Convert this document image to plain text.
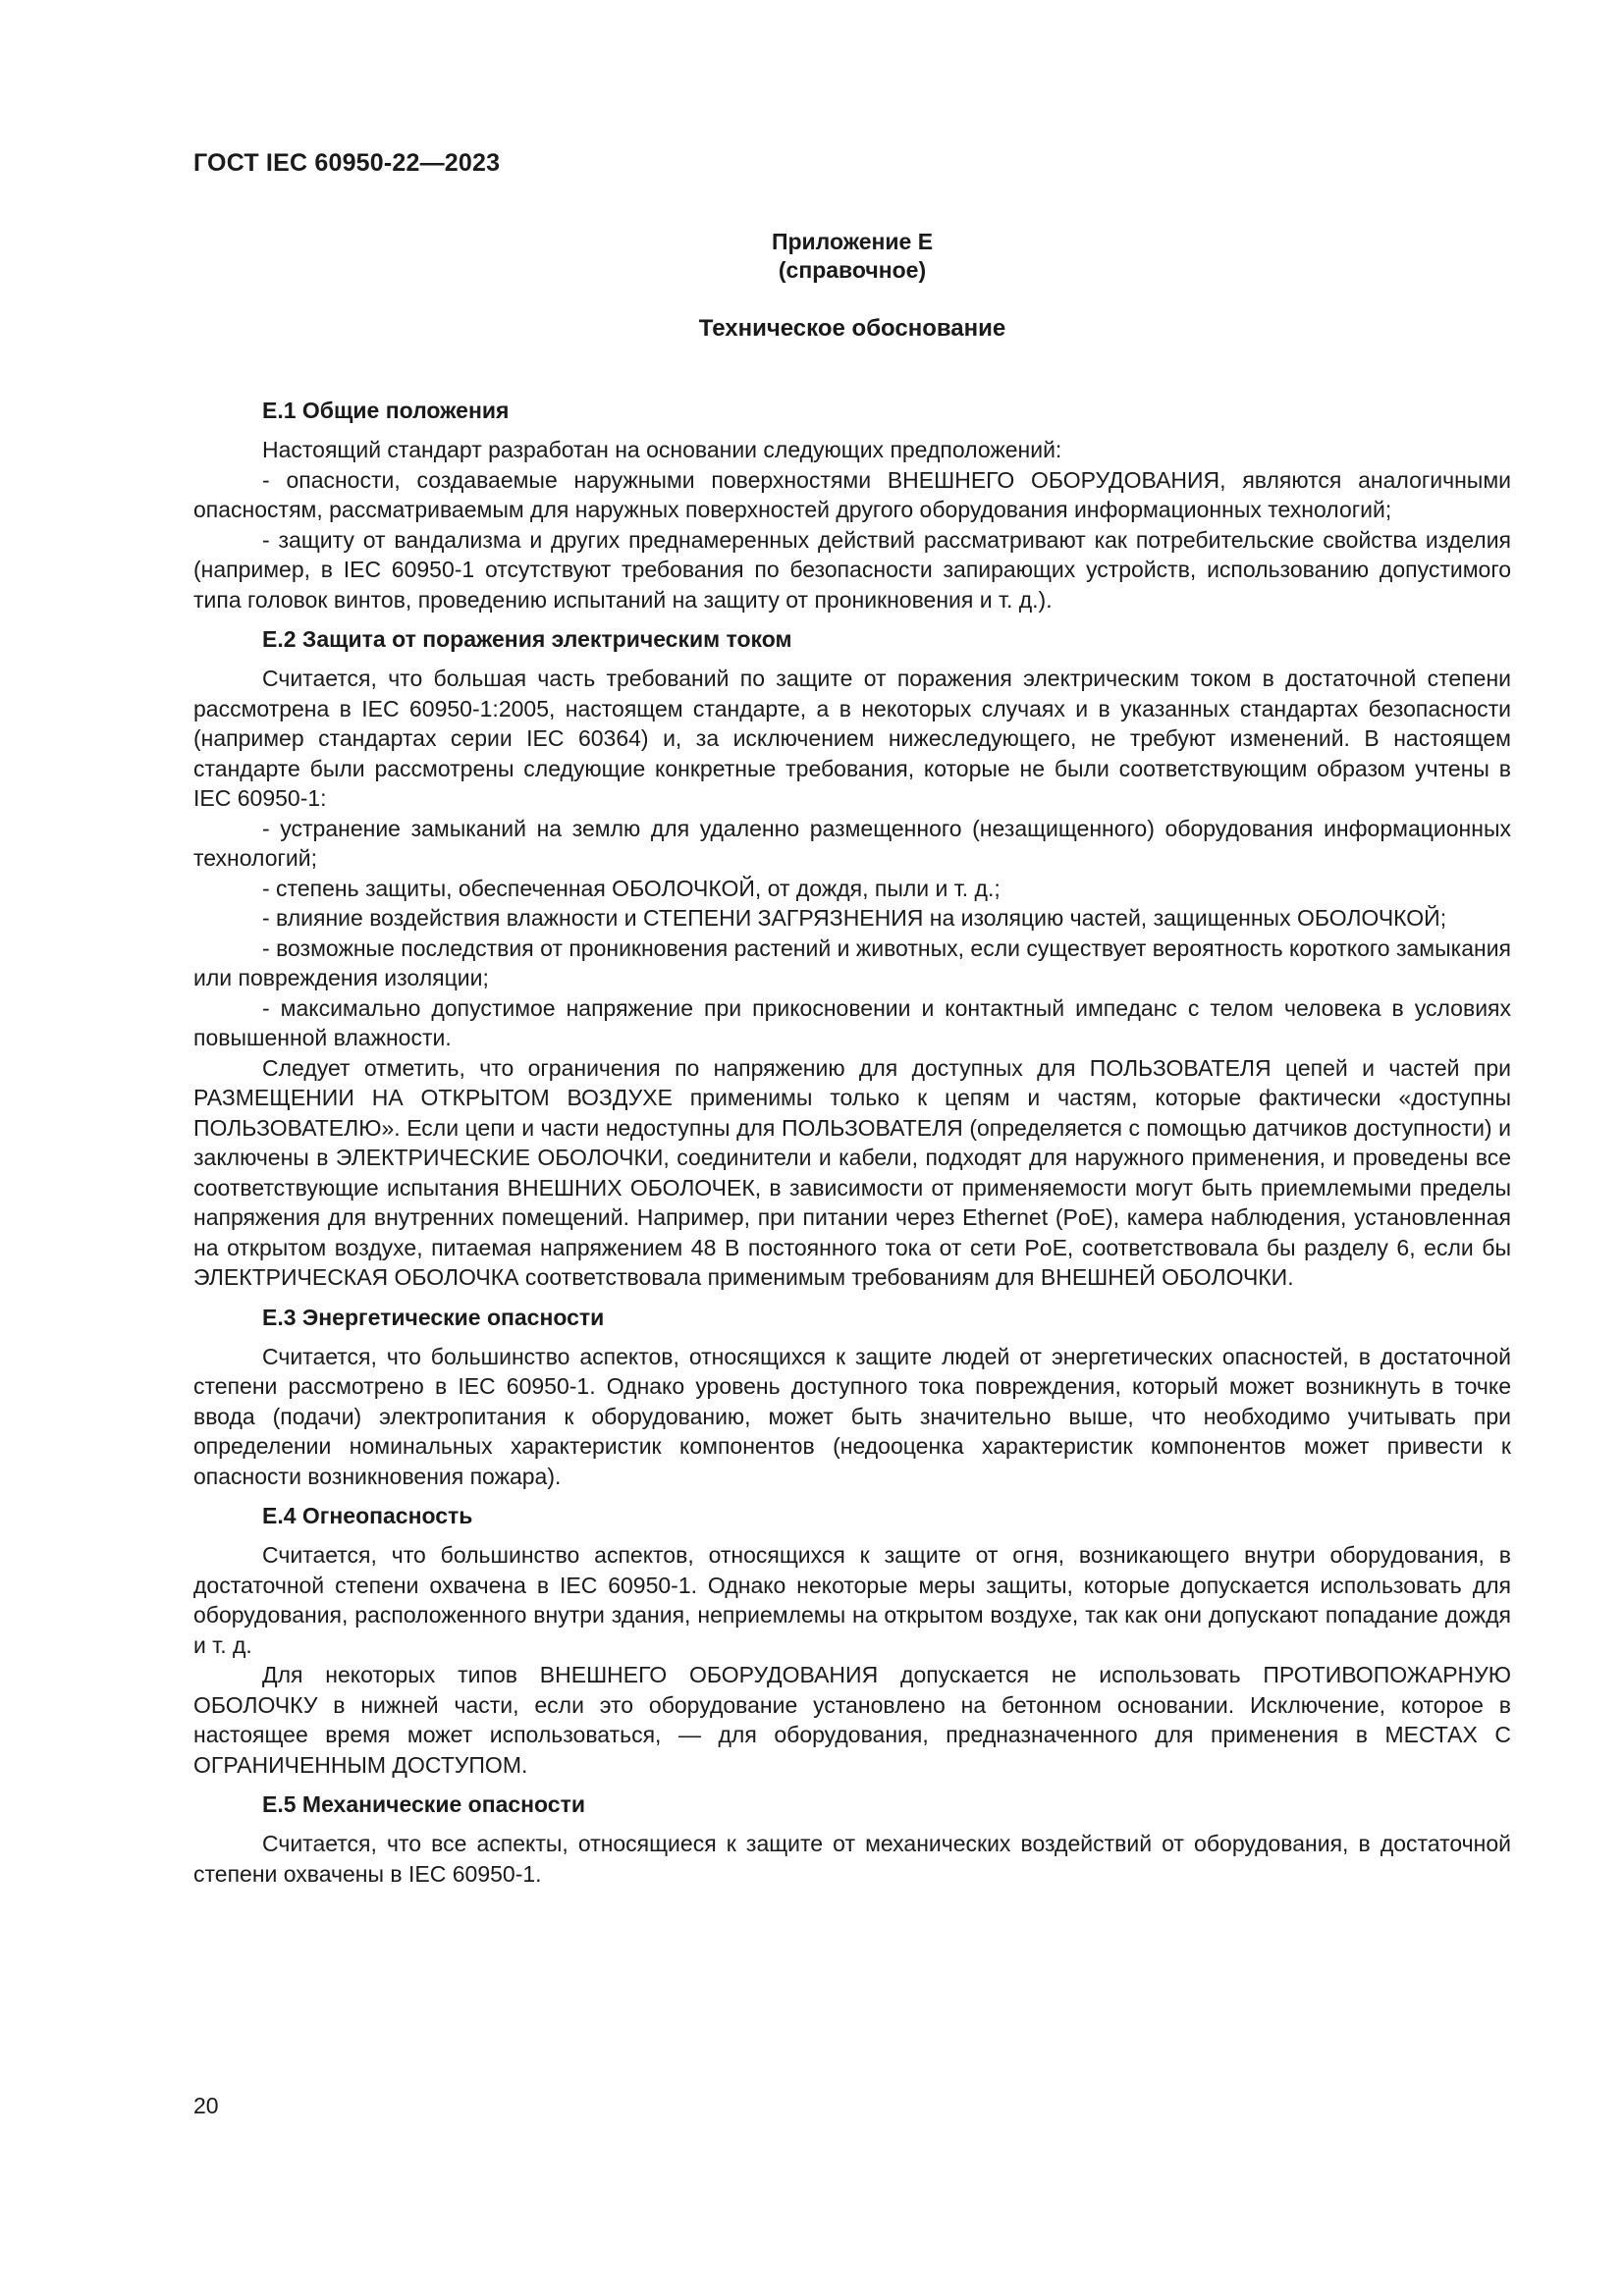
ГОСТ IEC 60950-22—2023

Приложение Е

(справочное)

Техническое обоснование

Е.1 Общие положения

Настоящий стандарт разработан на основании следующих предположений:

- опасности, создаваемые наружными поверхностями ВНЕШНЕГО ОБОРУДОВАНИЯ, являются аналогичными опасностям, рассматриваемым для наружных поверхностей другого оборудования информационных технологий;

- защиту от вандализма и других преднамеренных действий рассматривают как потребительские свойства изделия (например, в IEC 60950-1 отсутствуют требования по безопасности запирающих устройств, использованию допустимого типа головок винтов, проведению испытаний на защиту от проникновения и т. д.).

Е.2 Защита от поражения электрическим током

Считается, что большая часть требований по защите от поражения электрическим током в достаточной степени рассмотрена в IEC 60950-1:2005, настоящем стандарте, а в некоторых случаях и в указанных стандартах безопасности (например стандартах серии IEC 60364) и, за исключением нижеследующего, не требуют изменений. В настоящем стандарте были рассмотрены следующие конкретные требования, которые не были соответствующим образом учтены в IEC 60950-1:

- устранение замыканий на землю для удаленно размещенного (незащищенного) оборудования информационных технологий;

- степень защиты, обеспеченная ОБОЛОЧКОЙ, от дождя, пыли и т. д.;

- влияние воздействия влажности и СТЕПЕНИ ЗАГРЯЗНЕНИЯ на изоляцию частей, защищенных ОБОЛОЧКОЙ;

- возможные последствия от проникновения растений и животных, если существует вероятность короткого замыкания или повреждения изоляции;

- максимально допустимое напряжение при прикосновении и контактный импеданс с телом человека в условиях повышенной влажности.

Следует отметить, что ограничения по напряжению для доступных для ПОЛЬЗОВАТЕЛЯ цепей и частей при РАЗМЕЩЕНИИ НА ОТКРЫТОМ ВОЗДУХЕ применимы только к цепям и частям, которые фактически «доступны ПОЛЬЗОВАТЕЛЮ». Если цепи и части недоступны для ПОЛЬЗОВАТЕЛЯ (определяется с помощью датчиков доступности) и заключены в ЭЛЕКТРИЧЕСКИЕ ОБОЛОЧКИ, соединители и кабели, подходят для наружного применения, и проведены все соответствующие испытания ВНЕШНИХ ОБОЛОЧЕК, в зависимости от применяемости могут быть приемлемыми пределы напряжения для внутренних помещений. Например, при питании через Ethernet (PoE), камера наблюдения, установленная на открытом воздухе, питаемая напряжением 48 В постоянного тока от сети PoE, соответствовала бы разделу 6, если бы ЭЛЕКТРИЧЕСКАЯ ОБОЛОЧКА соответствовала применимым требованиям для ВНЕШНЕЙ ОБОЛОЧКИ.

Е.3 Энергетические опасности

Считается, что большинство аспектов, относящихся к защите людей от энергетических опасностей, в достаточной степени рассмотрено в IEC 60950-1. Однако уровень доступного тока повреждения, который может возникнуть в точке ввода (подачи) электропитания к оборудованию, может быть значительно выше, что необходимо учитывать при определении номинальных характеристик компонентов (недооценка характеристик компонентов может привести к опасности возникновения пожара).

Е.4 Огнеопасность

Считается, что большинство аспектов, относящихся к защите от огня, возникающего внутри оборудования, в достаточной степени охвачена в IEC 60950-1. Однако некоторые меры защиты, которые допускается использовать для оборудования, расположенного внутри здания, неприемлемы на открытом воздухе, так как они допускают попадание дождя и т. д.

Для некоторых типов ВНЕШНЕГО ОБОРУДОВАНИЯ допускается не использовать ПРОТИВОПОЖАРНУЮ ОБОЛОЧКУ в нижней части, если это оборудование установлено на бетонном основании. Исключение, которое в настоящее время может использоваться, — для оборудования, предназначенного для применения в МЕСТАХ С ОГРАНИЧЕННЫМ ДОСТУПОМ.

Е.5 Механические опасности

Считается, что все аспекты, относящиеся к защите от механических воздействий от оборудования, в достаточной степени охвачены в IEC 60950-1.

20
